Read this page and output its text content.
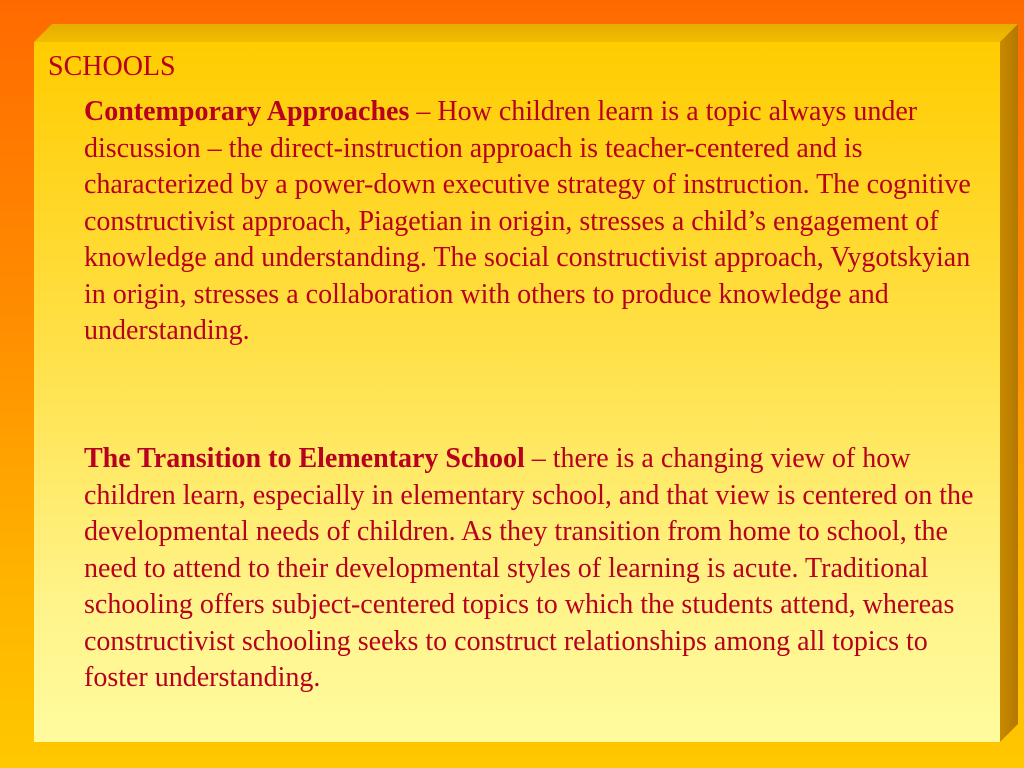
SCHOOLS

Contemporary Approaches – How children learn is a topic always under discussion – the direct-instruction approach is teacher-centered and is characterized by a power-down executive strategy of instruction. The cognitive constructivist approach, Piagetian in origin, stresses a child’s engagement of knowledge and understanding. The social constructivist approach, Vygotskyian in origin, stresses a collaboration with others to produce knowledge and understanding.

The Transition to Elementary School – there is a changing view of how children learn, especially in elementary school, and that view is centered on the developmental needs of children. As they transition from home to school, the need to attend to their developmental styles of learning is acute. Traditional schooling offers subject-centered topics to which the students attend, whereas constructivist schooling seeks to construct relationships among all topics to foster understanding.
